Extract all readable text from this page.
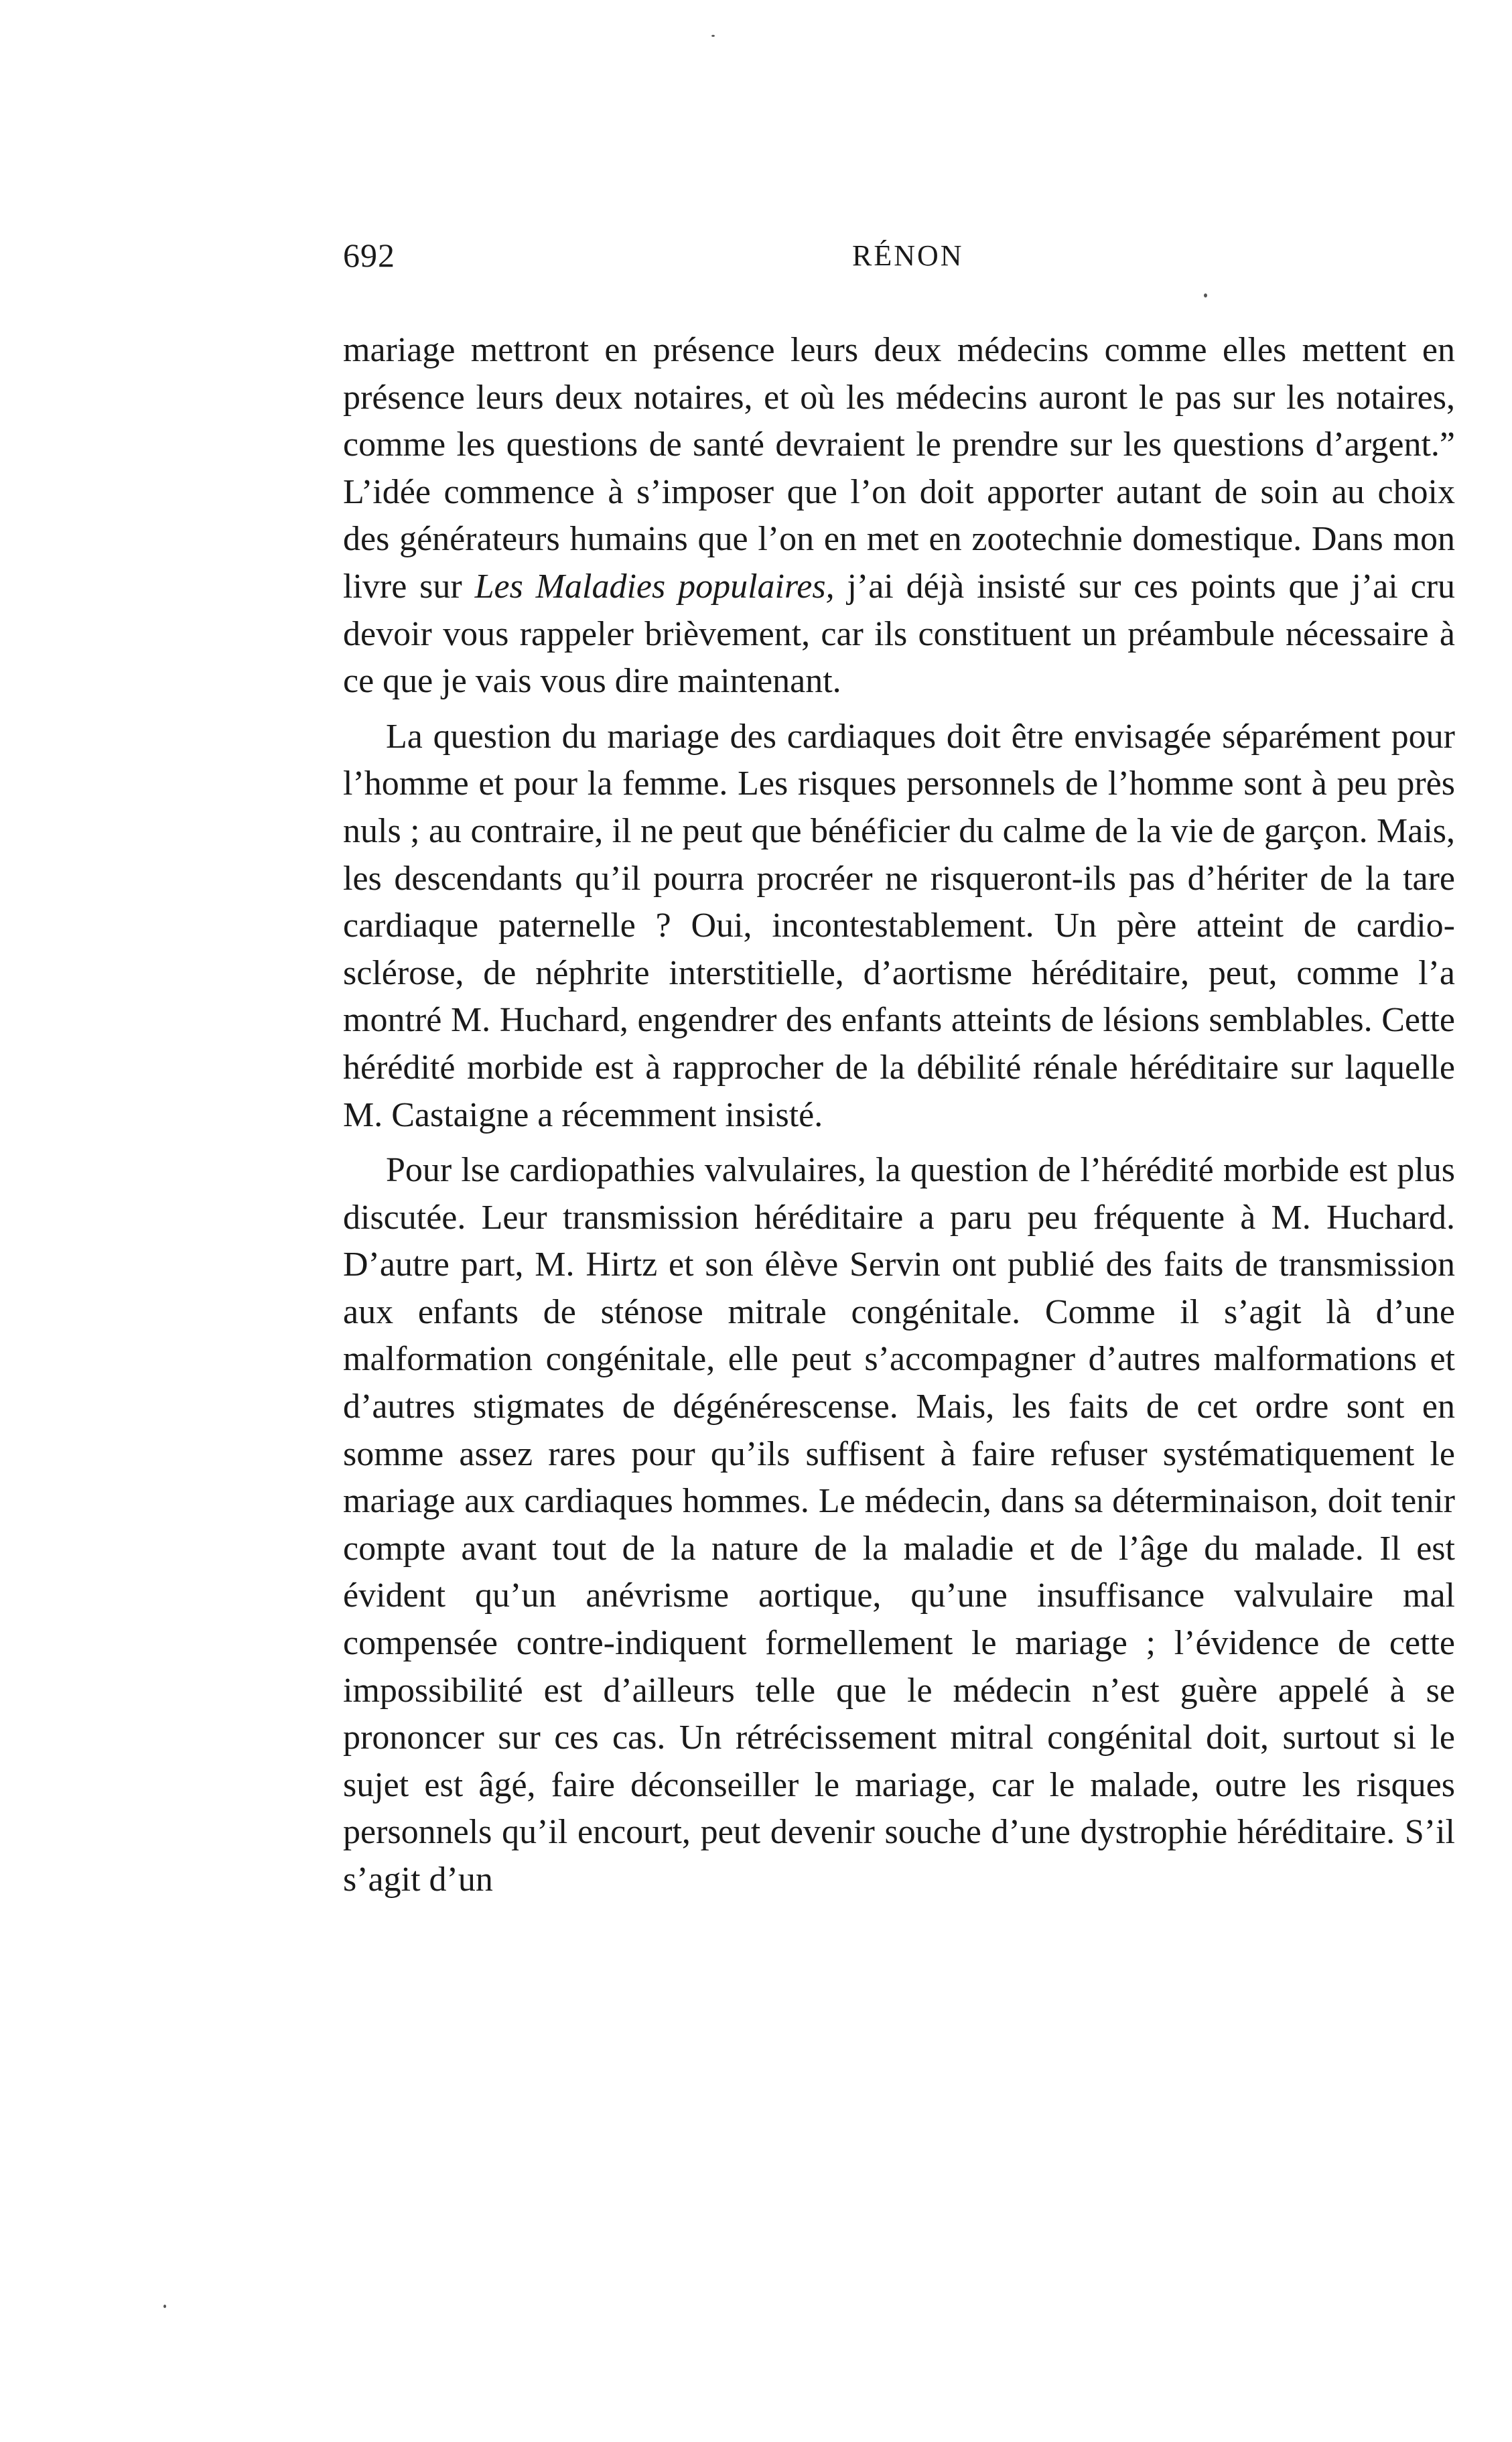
692	RÉNON

mariage mettront en présence leurs deux médecins comme elles mettent en présence leurs deux notaires, et où les médecins auront le pas sur les notaires, comme les questions de santé devraient le prendre sur les questions d’argent.” L’idée commence à s’imposer que l’on doit apporter autant de soin au choix des générateurs humains que l’on en met en zootechnie domestique. Dans mon livre sur Les Maladies populaires, j’ai déjà insisté sur ces points que j’ai cru devoir vous rappeler brièvement, car ils constituent un préambule nécessaire à ce que je vais vous dire maintenant.

La question du mariage des cardiaques doit être envisagée séparément pour l’homme et pour la femme. Les risques personnels de l’homme sont à peu près nuls ; au contraire, il ne peut que bénéficier du calme de la vie de garçon. Mais, les descendants qu’il pourra procréer ne risqueront-ils pas d’hériter de la tare cardiaque paternelle ? Oui, incontestablement. Un père atteint de cardio-sclérose, de néphrite interstitielle, d’aortisme héréditaire, peut, comme l’a montré M. Huchard, engendrer des enfants atteints de lésions semblables. Cette hérédité morbide est à rapprocher de la débilité rénale héréditaire sur laquelle M. Castaigne a récemment insisté.

Pour lse cardiopathies valvulaires, la question de l’hérédité morbide est plus discutée. Leur transmission héréditaire a paru peu fréquente à M. Huchard. D’autre part, M. Hirtz et son élève Servin ont publié des faits de transmission aux enfants de sténose mitrale congénitale. Comme il s’agit là d’une malformation congénitale, elle peut s’accompagner d’autres malformations et d’autres stigmates de dégénérescense. Mais, les faits de cet ordre sont en somme assez rares pour qu’ils suffisent à faire refuser systématiquement le mariage aux cardiaques hommes. Le médecin, dans sa déterminaison, doit tenir compte avant tout de la nature de la maladie et de l’âge du malade. Il est évident qu’un anévrisme aortique, qu’une insuffisance valvulaire mal compensée contre-indiquent formellement le mariage ; l’évidence de cette impossibilité est d’ailleurs telle que le médecin n’est guère appelé à se prononcer sur ces cas. Un rétrécissement mitral congénital doit, surtout si le sujet est âgé, faire déconseiller le mariage, car le malade, outre les risques personnels qu’il encourt, peut devenir souche d’une dystrophie héréditaire. S’il s’agit d’un
